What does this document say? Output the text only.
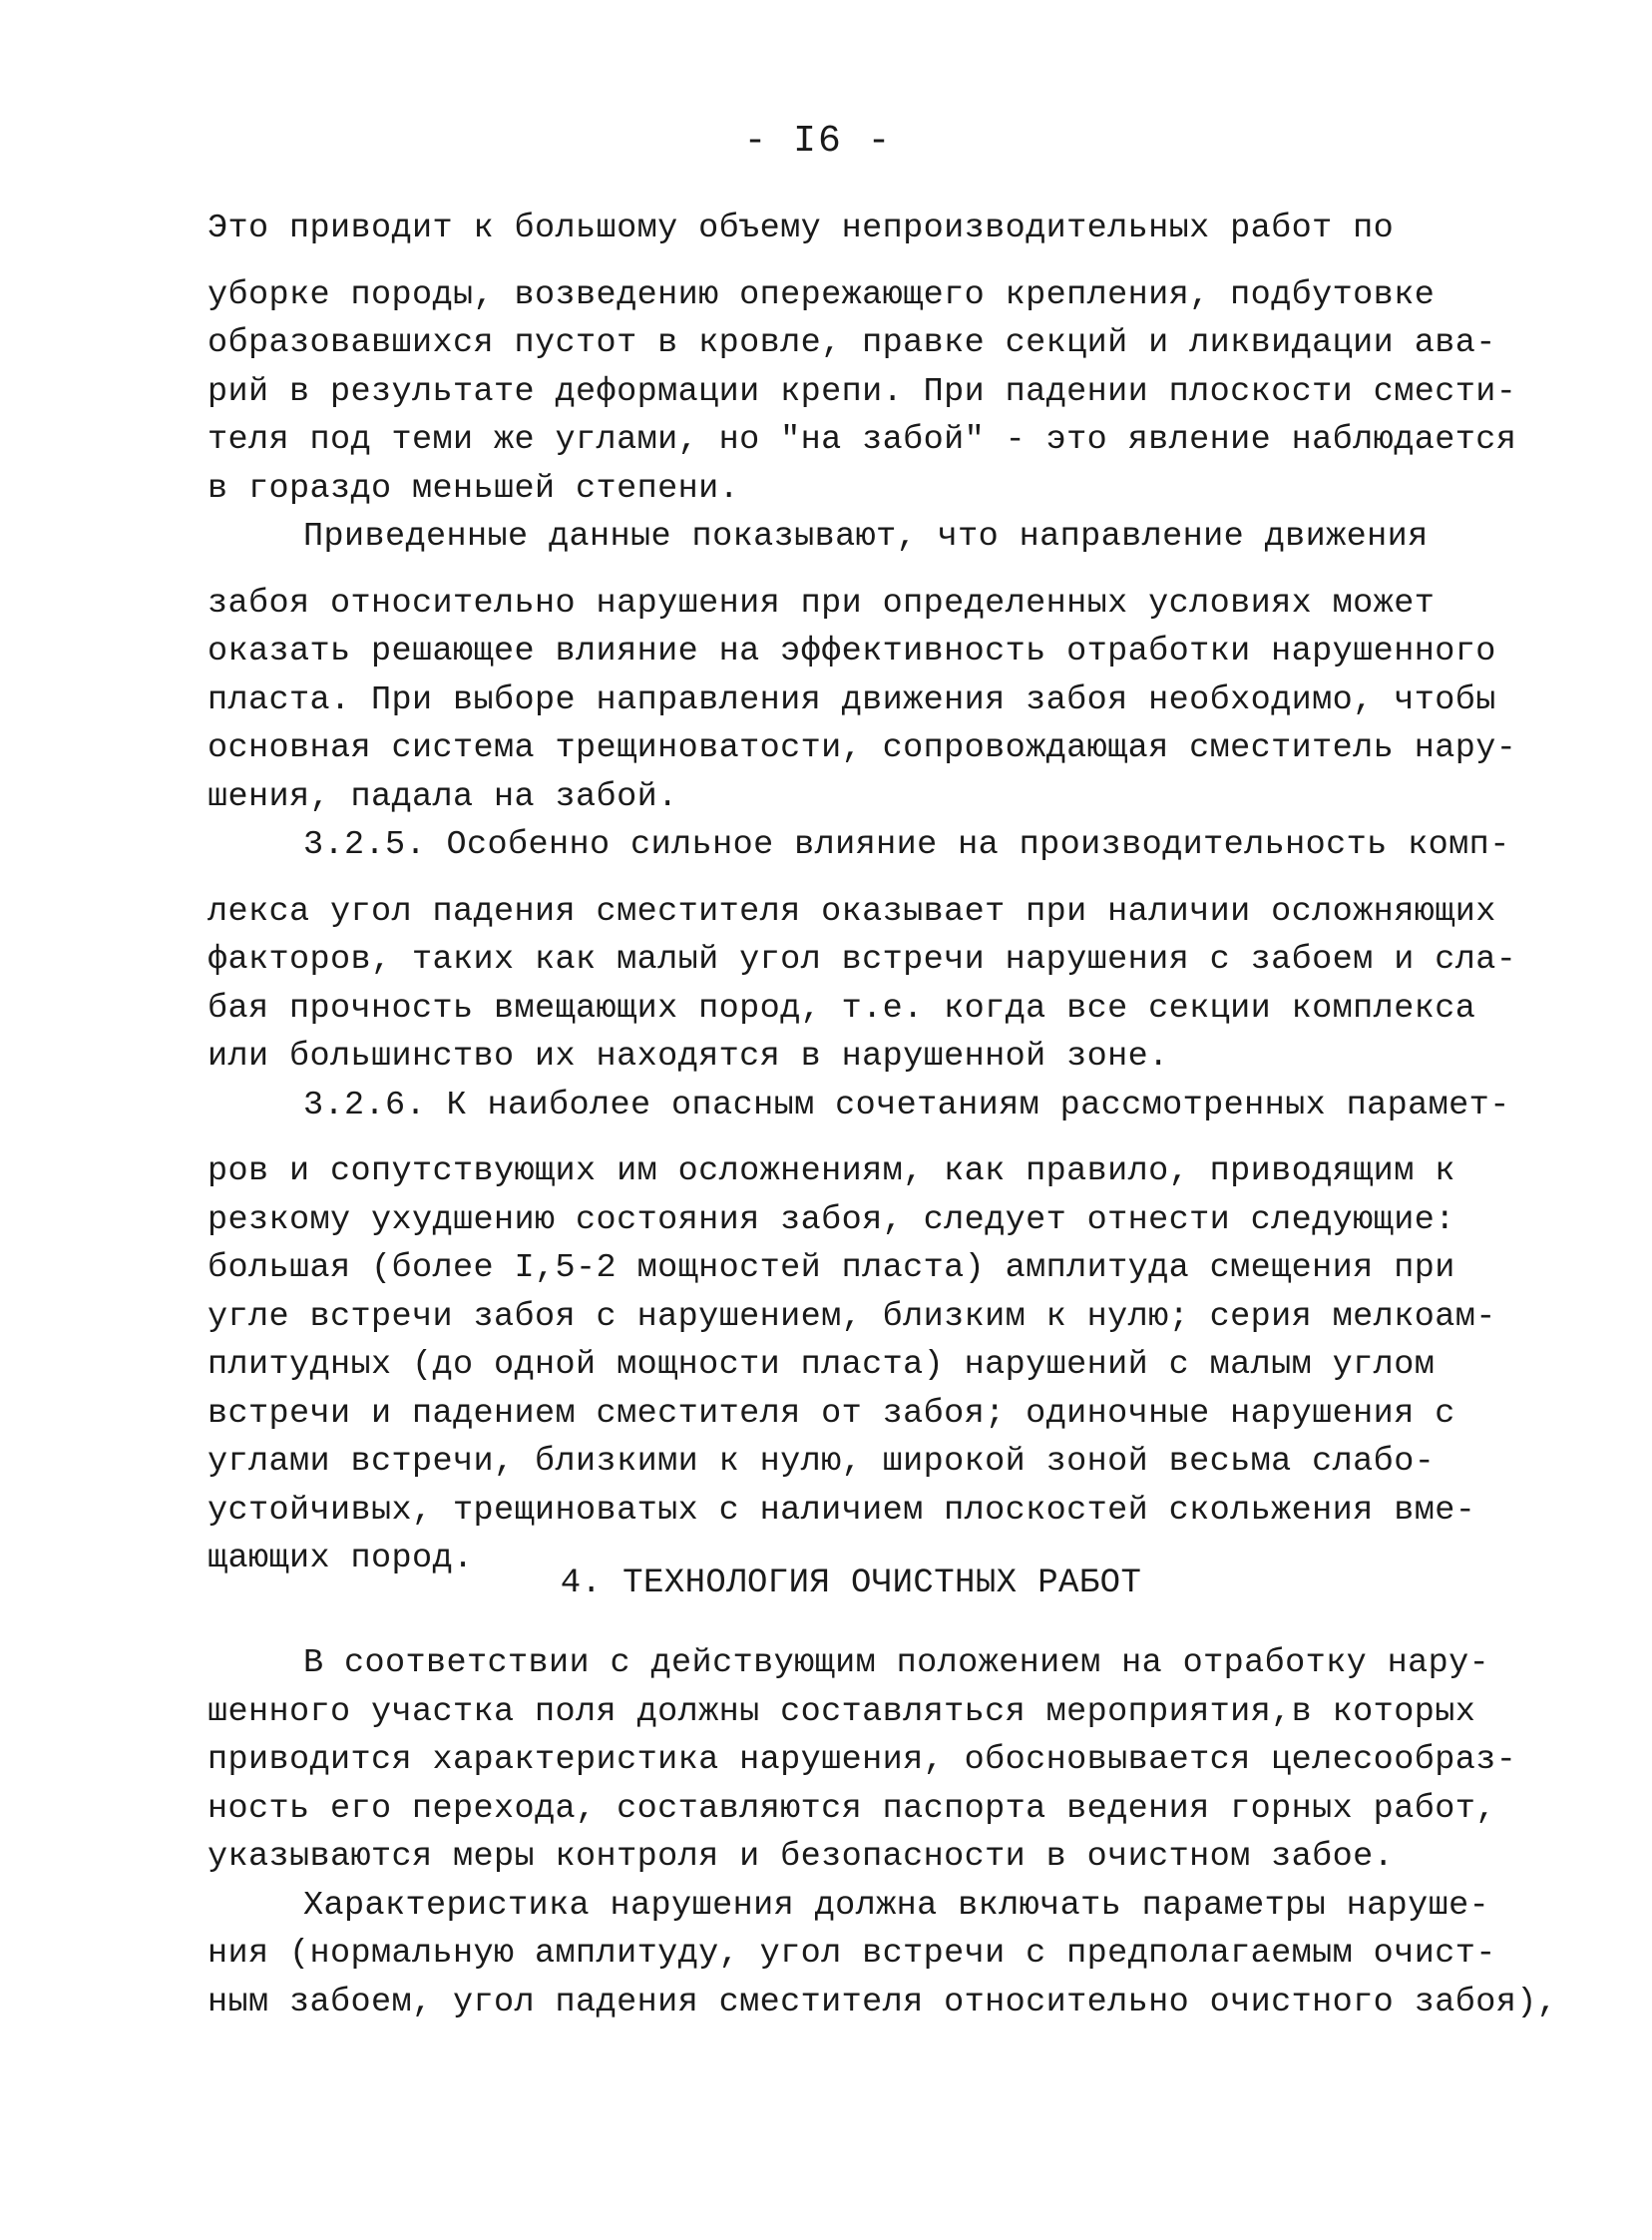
- I6 -

Это приводит к большому объему непроизводительных работ по
уборке породы, возведению опережающего крепления, подбутовке
образовавшихся пустот в кровле, правке секций и ликвидации ава-
рий в результате деформации крепи. При падении плоскости смести-
теля под теми же углами, но "на забой" - это явление наблюдается
в гораздо меньшей степени.

Приведенные данные показывают, что направление движения
забоя относительно нарушения при определенных условиях может
оказать решающее влияние на эффективность отработки нарушенного
пласта. При выборе направления движения забоя необходимо, чтобы
основная система трещиноватости, сопровождающая сместитель нару-
шения, падала на забой.

3.2.5. Особенно сильное влияние на производительность комп-
лекса угол падения сместителя оказывает при наличии осложняющих
факторов, таких как малый угол встречи нарушения с забоем и сла-
бая прочность вмещающих пород, т.е. когда все секции комплекса
или большинство их находятся в нарушенной зоне.

3.2.6. К наиболее опасным сочетаниям рассмотренных парамет-
ров и сопутствующих им осложнениям, как правило, приводящим к
резкому ухудшению состояния забоя, следует отнести следующие:
большая (более I,5-2 мощностей пласта) амплитуда смещения при
угле встречи забоя с нарушением, близким к нулю; серия мелкоам-
плитудных (до одной мощности пласта) нарушений с малым углом
встречи и падением сместителя от забоя; одиночные нарушения с
углами встречи, близкими к нулю, широкой зоной весьма слабо-
устойчивых, трещиноватых с наличием плоскостей скольжения вме-
щающих пород.

4. ТЕХНОЛОГИЯ ОЧИСТНЫХ РАБОТ

В соответствии с действующим положением на отработку нару-
шенного участка поля должны составляться мероприятия,в которых
приводится характеристика нарушения, обосновывается целесообраз-
ность его перехода, составляются паспорта ведения горных работ,
указываются меры контроля и безопасности в очистном забое.

Характеристика нарушения должна включать параметры наруше-
ния (нормальную амплитуду, угол встречи с предполагаемым очист-
ным забоем, угол падения сместителя относительно очистного забоя),
